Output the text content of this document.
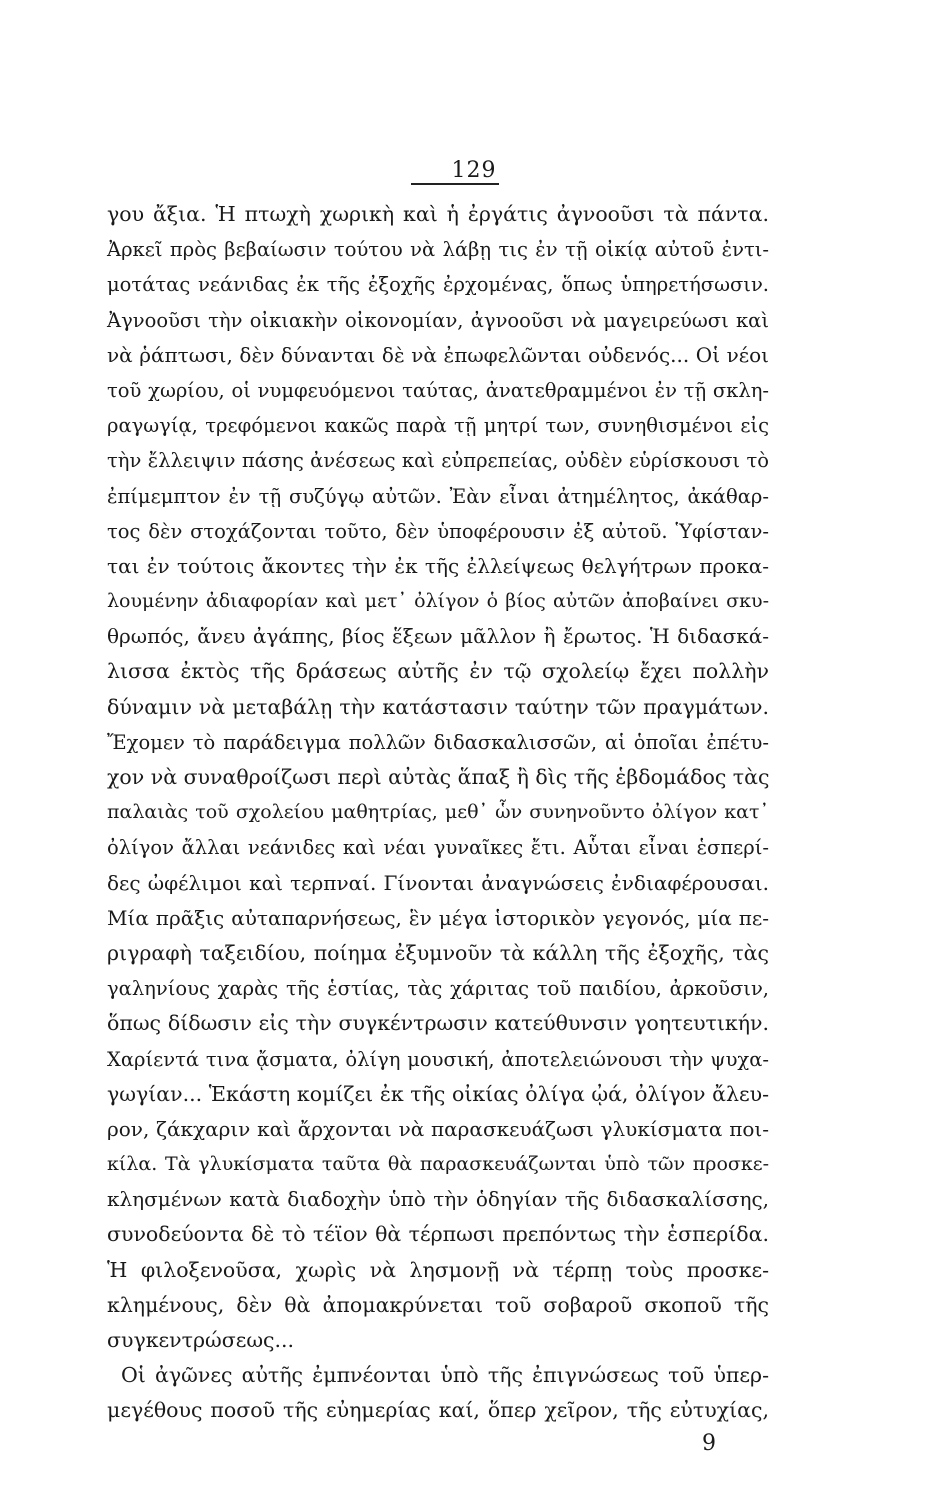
129
γου ἄξια. Ἡ πτωχὴ χωρικὴ καὶ ἡ ἐργάτις ἀγνοοῦσι τὰ πάντα.
Ἀρκεῖ πρὸς βεβαίωσιν τούτου νὰ λάβῃ τις ἐν τῇ οἰκίᾳ αὐτοῦ ἐντι-
μοτάτας νεάνιδας ἐκ τῆς ἐξοχῆς ἐρχομένας, ὅπως ὑπηρετήσωσιν.
Ἀγνοοῦσι τὴν οἰκιακὴν οἰκονομίαν, ἀγνοοῦσι νὰ μαγειρεύωσι καὶ
νὰ ῥάπτωσι, δὲν δύνανται δὲ νὰ ἐπωφελῶνται οὐδενός... Οἱ νέοι
τοῦ χωρίου, οἱ νυμφευόμενοι ταύτας, ἀνατεθραμμένοι ἐν τῇ σκλη-
ραγωγίᾳ, τρεφόμενοι κακῶς παρὰ τῇ μητρί των, συνηθισμένοι εἰς
τὴν ἔλλειψιν πάσης ἀνέσεως καὶ εὐπρεπείας, οὐδὲν εὑρίσκουσι τὸ
ἐπίμεμπτον ἐν τῇ συζύγῳ αὐτῶν. Ἐὰν εἶναι ἀτημέλητος, ἀκάθαρ-
τος δὲν στοχάζονται τοῦτο, δὲν ὑποφέρουσιν ἐξ αὐτοῦ. Ὑφίσταν-
ται ἐν τούτοις ἄκοντες τὴν ἐκ τῆς ἐλλείψεως θελγήτρων προκα-
λουμένην ἀδιαφορίαν καὶ μετ᾽ ὀλίγον ὁ βίος αὐτῶν ἀποβαίνει σκυ-
θρωπός, ἄνευ ἀγάπης, βίος ἕξεων μᾶλλον ἢ ἔρωτος. Ἡ διδασκά-
λισσα ἐκτὸς τῆς δράσεως αὐτῆς ἐν τῷ σχολείῳ ἔχει πολλὴν
δύναμιν νὰ μεταβάλῃ τὴν κατάστασιν ταύτην τῶν πραγμάτων.
Ἔχομεν τὸ παράδειγμα πολλῶν διδασκαλισσῶν, αἱ ὁποῖαι ἐπέτυ-
χον νὰ συναθροίζωσι περὶ αὐτὰς ἅπαξ ἢ δὶς τῆς ἑβδομάδος τὰς
παλαιὰς τοῦ σχολείου μαθητρίας, μεθ᾽ ὧν συνηνοῦντο ὀλίγον κατ᾽
ὀλίγον ἄλλαι νεάνιδες καὶ νέαι γυναῖκες ἔτι. Αὗται εἶναι ἑσπερί-
δες ὠφέλιμοι καὶ τερπναί. Γίνονται ἀναγνώσεις ἐνδιαφέρουσαι.
Μία πρᾶξις αὐταπαρνήσεως, ἓν μέγα ἱστορικὸν γεγονός, μία πε-
ριγραφὴ ταξειδίου, ποίημα ἐξυμνοῦν τὰ κάλλη τῆς ἐξοχῆς, τὰς
γαληνίους χαρὰς τῆς ἑστίας, τὰς χάριτας τοῦ παιδίου, ἀρκοῦσιν,
ὅπως δίδωσιν εἰς τὴν συγκέντρωσιν κατεύθυνσιν γοητευτικήν.
Χαρίεντά τινα ᾄσματα, ὀλίγη μουσική, ἀποτελειώνουσι τὴν ψυχα-
γωγίαν... Ἑκάστη κομίζει ἐκ τῆς οἰκίας ὀλίγα ᾠά, ὀλίγον ἄλευ-
ρον, ζάκχαριν καὶ ἄρχονται νὰ παρασκευάζωσι γλυκίσματα ποι-
κίλα. Τὰ γλυκίσματα ταῦτα θὰ παρασκευάζωνται ὑπὸ τῶν προσκε-
κλησμένων κατὰ διαδοχὴν ὑπὸ τὴν ὁδηγίαν τῆς διδασκαλίσσης,
συνοδεύοντα δὲ τὸ τέϊον θὰ τέρπωσι πρεπόντως τὴν ἑσπερίδα.
Ἡ φιλοξενοῦσα, χωρὶς νὰ λησμονῇ νὰ τέρπῃ τοὺς προσκε-
κλημένους, δὲν θὰ ἀπομακρύνεται τοῦ σοβαροῦ σκοποῦ τῆς
συγκεντρώσεως...
Οἱ ἀγῶνες αὐτῆς ἐμπνέονται ὑπὸ τῆς ἐπιγνώσεως τοῦ ὑπερ-
μεγέθους ποσοῦ τῆς εὐημερίας καί, ὅπερ χεῖρον, τῆς εὐτυχίας,
9
